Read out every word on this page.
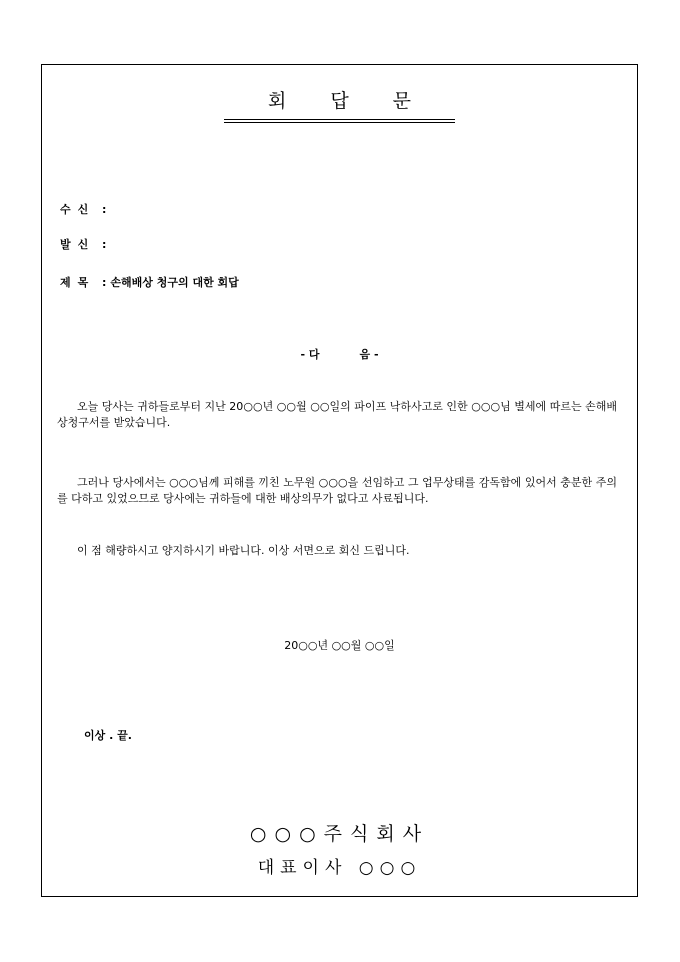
회답문
수신 :
발신 :
제목 : 손해배상 청구의 대한 회답
- 다	음 -
오늘 당사는 귀하들로부터 지난 20○○년 ○○월 ○○일의 파이프 낙하사고로 인한 ○○○님 별세에 따르는 손해배상청구서를 받았습니다.
그러나 당사에서는 ○○○님께 피해를 끼친 노무원 ○○○을 선임하고 그 업무상태를 감독함에 있어서 충분한 주의를 다하고 있었으므로 당사에는 귀하들에 대한 배상의무가 없다고 사료됩니다.
이 점 해량하시고 양지하시기 바랍니다. 이상 서면으로 회신 드립니다.
20○○년 ○○월 ○○일
이상 . 끝.
○○○주식회사
대표이사 ○○○
